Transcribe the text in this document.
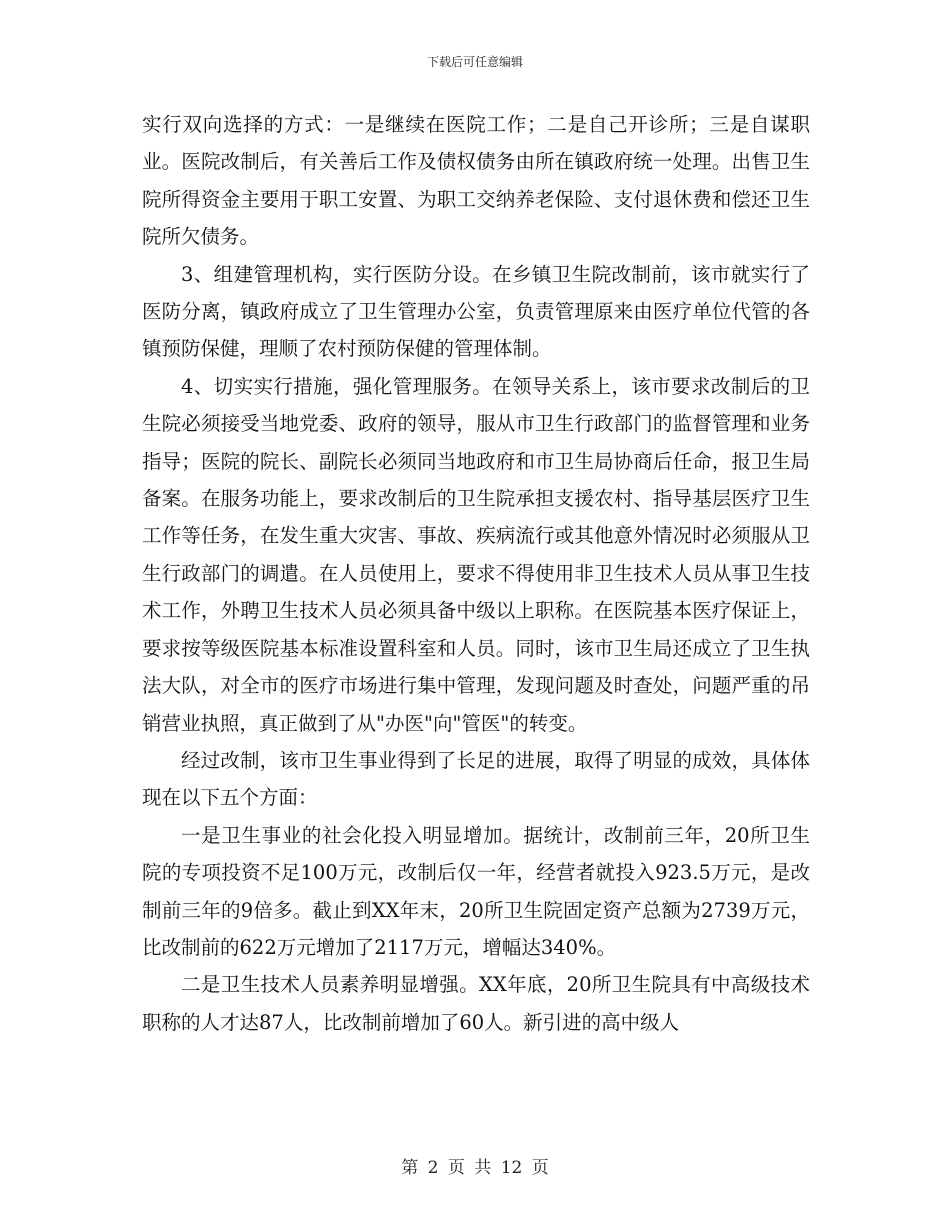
下载后可任意编辑

实行双向选择的方式：一是继续在医院工作；二是自己开诊所；三是自谋职业。医院改制后，有关善后工作及债权债务由所在镇政府统一处理。出售卫生院所得资金主要用于职工安置、为职工交纳养老保险、支付退休费和偿还卫生院所欠债务。

3、组建管理机构，实行医防分设。在乡镇卫生院改制前，该市就实行了医防分离，镇政府成立了卫生管理办公室，负责管理原来由医疗单位代管的各镇预防保健，理顺了农村预防保健的管理体制。

4、切实实行措施，强化管理服务。在领导关系上，该市要求改制后的卫生院必须接受当地党委、政府的领导，服从市卫生行政部门的监督管理和业务指导；医院的院长、副院长必须同当地政府和市卫生局协商后任命，报卫生局备案。在服务功能上，要求改制后的卫生院承担支援农村、指导基层医疗卫生工作等任务，在发生重大灾害、事故、疾病流行或其他意外情况时必须服从卫生行政部门的调遣。在人员使用上，要求不得使用非卫生技术人员从事卫生技术工作，外聘卫生技术人员必须具备中级以上职称。在医院基本医疗保证上，要求按等级医院基本标准设置科室和人员。同时，该市卫生局还成立了卫生执法大队，对全市的医疗市场进行集中管理，发现问题及时查处，问题严重的吊销营业执照，真正做到了从"办医"向"管医"的转变。

经过改制，该市卫生事业得到了长足的进展，取得了明显的成效，具体体现在以下五个方面：

一是卫生事业的社会化投入明显增加。据统计，改制前三年，20所卫生院的专项投资不足100万元，改制后仅一年，经营者就投入923.5万元，是改制前三年的9倍多。截止到XX年末，20所卫生院固定资产总额为2739万元，比改制前的622万元增加了2117万元，增幅达340%。

二是卫生技术人员素养明显增强。XX年底，20所卫生院具有中高级技术职称的人才达87人，比改制前增加了60人。新引进的高中级人

第 2 页 共 12 页
